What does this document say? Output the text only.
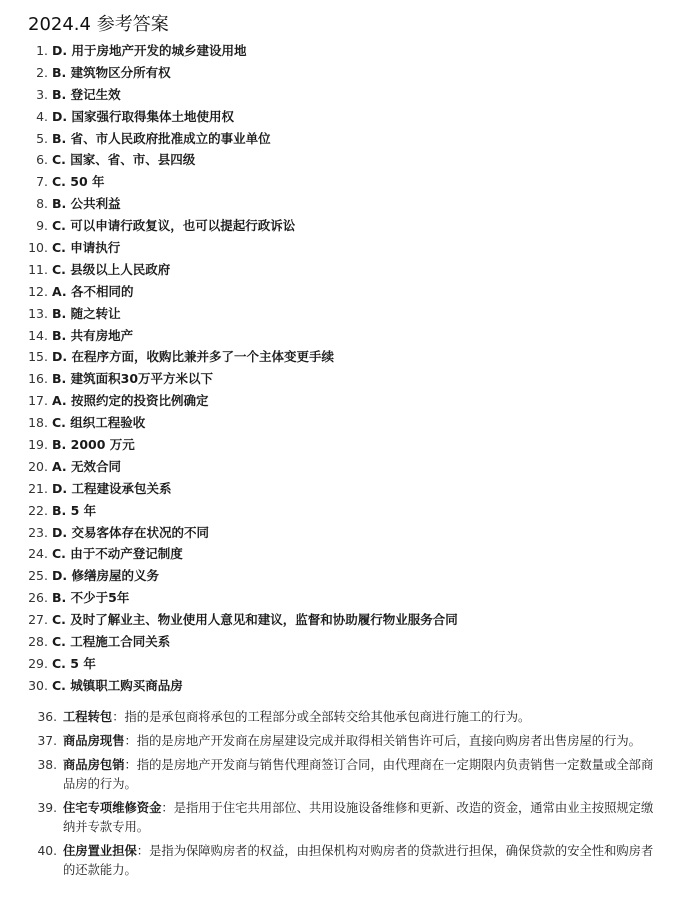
2024.4 参考答案
1. D. 用于房地产开发的城乡建设用地
2. B. 建筑物区分所有权
3. B. 登记生效
4. D. 国家强行取得集体土地使用权
5. B. 省、市人民政府批准成立的事业单位
6. C. 国家、省、市、县四级
7. C. 50 年
8. B. 公共利益
9. C. 可以申请行政复议，也可以提起行政诉讼
10. C. 申请执行
11. C. 县级以上人民政府
12. A. 各不相同的
13. B. 随之转让
14. B. 共有房地产
15. D. 在程序方面，收购比兼并多了一个主体变更手续
16. B. 建筑面积30万平方米以下
17. A. 按照约定的投资比例确定
18. C. 组织工程验收
19. B. 2000 万元
20. A. 无效合同
21. D. 工程建设承包关系
22. B. 5 年
23. D. 交易客体存在状况的不同
24. C. 由于不动产登记制度
25. D. 修缮房屋的义务
26. B. 不少于5年
27. C. 及时了解业主、物业使用人意见和建议，监督和协助履行物业服务合同
28. C. 工程施工合同关系
29. C. 5 年
30. C. 城镇职工购买商品房
36. 工程转包：指的是承包商将承包的工程部分或全部转交给其他承包商进行施工的行为。
37. 商品房现售：指的是房地产开发商在房屋建设完成并取得相关销售许可后，直接向购房者出售房屋的行为。
38. 商品房包销：指的是房地产开发商与销售代理商签订合同，由代理商在一定期限内负责销售一定数量或全部商品房的行为。
39. 住宅专项维修资金：是指用于住宅共用部位、共用设施设备维修和更新、改造的资金，通常由业主按照规定缴纳并专款专用。
40. 住房置业担保：是指为保障购房者的权益，由担保机构对购房者的贷款进行担保，确保贷款的安全性和购房者的还款能力。
